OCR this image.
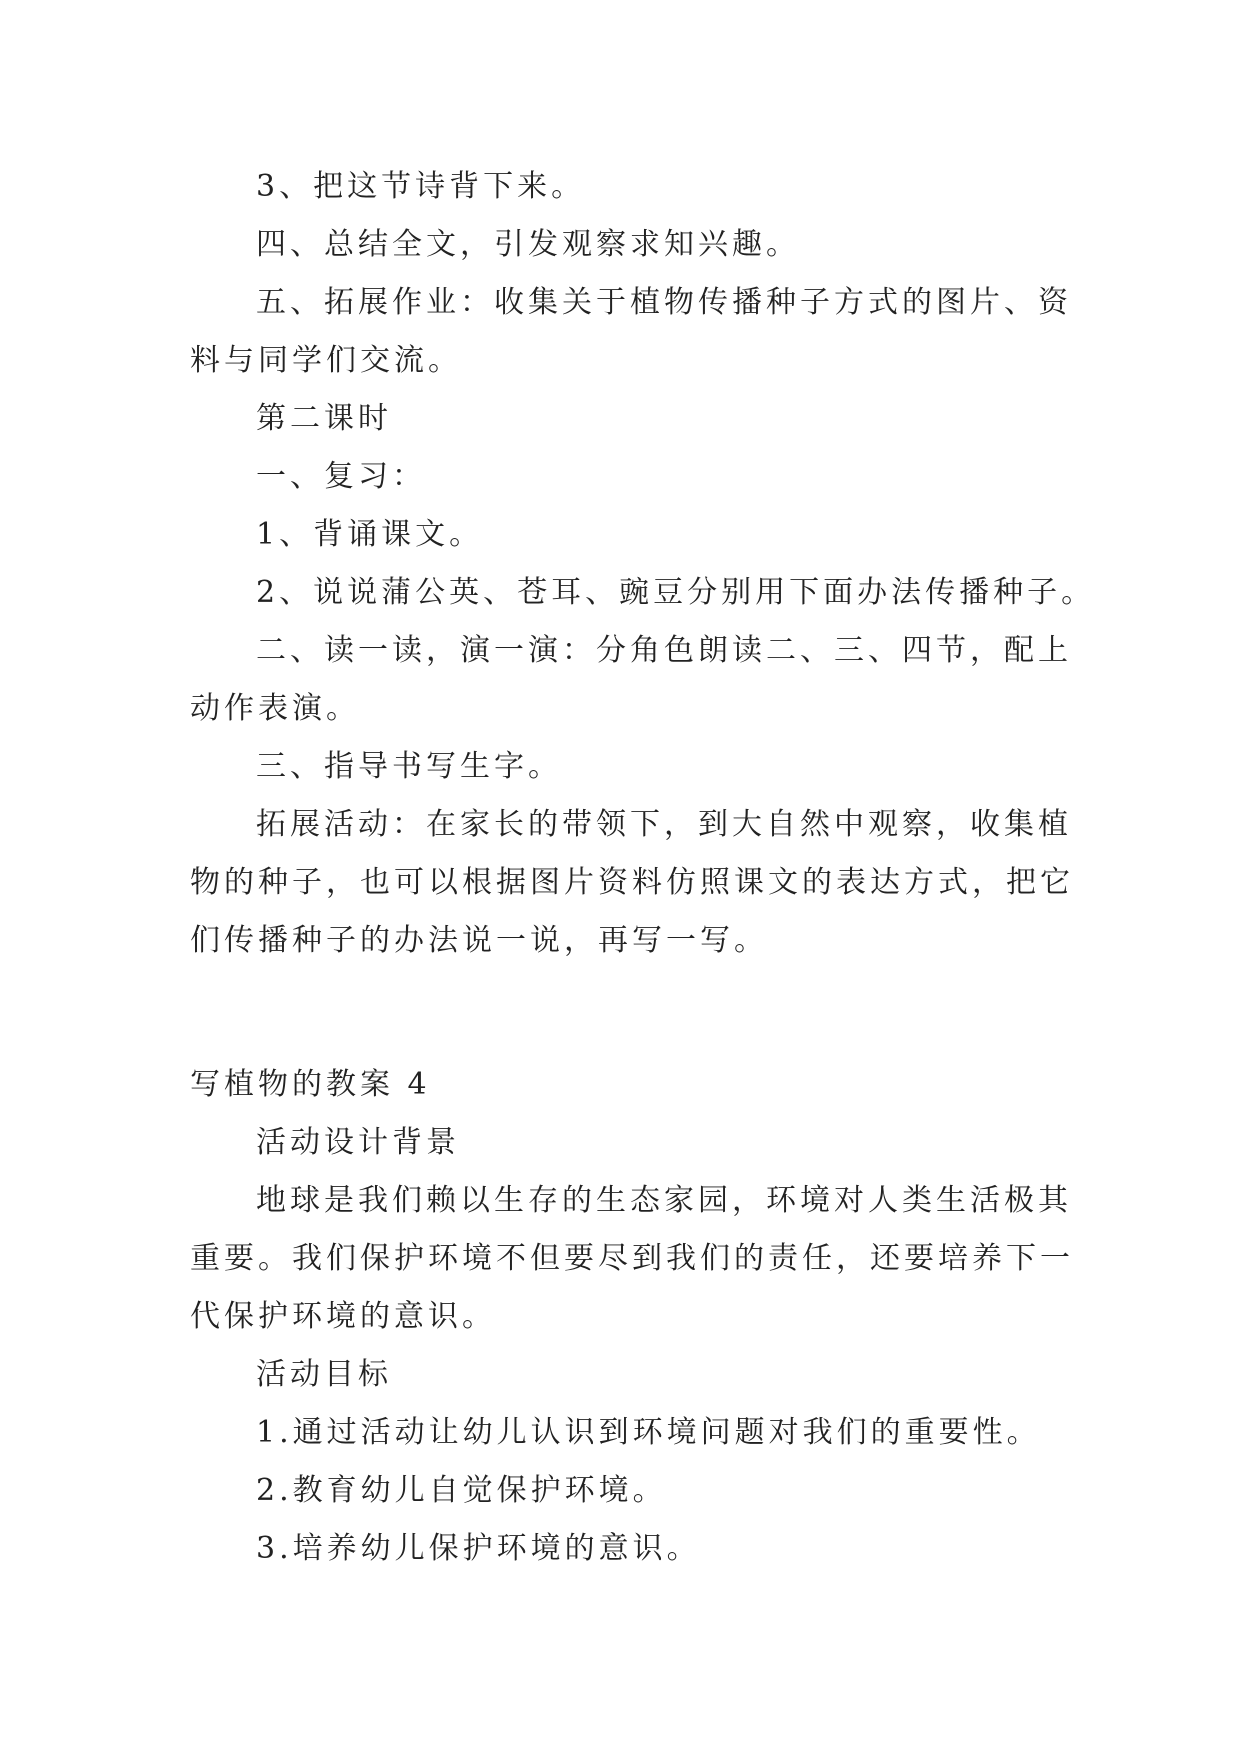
3、把这节诗背下来。
四、总结全文，引发观察求知兴趣。
五、拓展作业：收集关于植物传播种子方式的图片、资
料与同学们交流。
第二课时
一、复习：
1、背诵课文。
2、说说蒲公英、苍耳、豌豆分别用下面办法传播种子。
二、读一读，演一演：分角色朗读二、三、四节，配上
动作表演。
三、指导书写生字。
拓展活动：在家长的带领下，到大自然中观察，收集植
物的种子，也可以根据图片资料仿照课文的表达方式，把它
们传播种子的办法说一说，再写一写。
写植物的教案 4
活动设计背景
地球是我们赖以生存的生态家园，环境对人类生活极其
重要。我们保护环境不但要尽到我们的责任，还要培养下一
代保护环境的意识。
活动目标
1.通过活动让幼儿认识到环境问题对我们的重要性。
2.教育幼儿自觉保护环境。
3.培养幼儿保护环境的意识。
